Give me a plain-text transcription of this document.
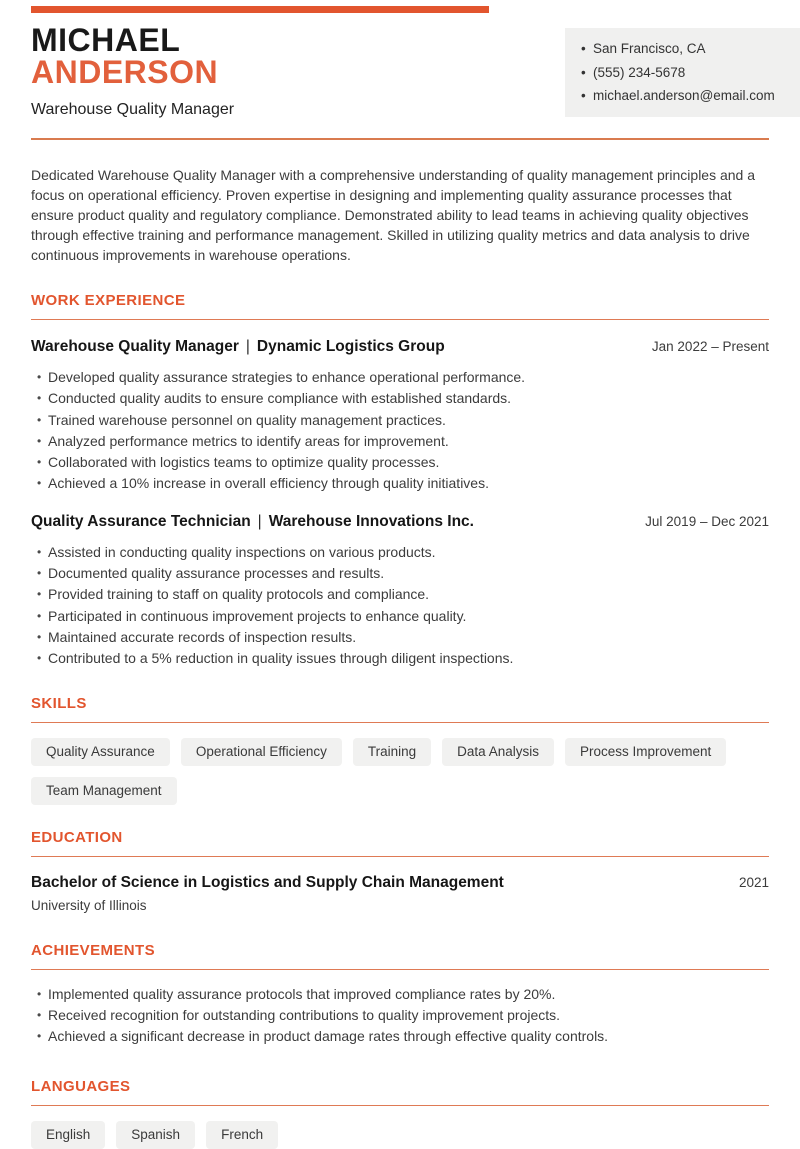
MICHAEL
ANDERSON
Warehouse Quality Manager
• San Francisco, CA
• (555) 234-5678
• michael.anderson@email.com

Dedicated Warehouse Quality Manager with a comprehensive understanding of quality management principles and a focus on operational efficiency. Proven expertise in designing and implementing quality assurance processes that ensure product quality and regulatory compliance. Demonstrated ability to lead teams in achieving quality objectives through effective training and performance management. Skilled in utilizing quality metrics and data analysis to drive continuous improvements in warehouse operations.

WORK EXPERIENCE
Warehouse Quality Manager | Dynamic Logistics Group	Jan 2022 – Present
• Developed quality assurance strategies to enhance operational performance.
• Conducted quality audits to ensure compliance with established standards.
• Trained warehouse personnel on quality management practices.
• Analyzed performance metrics to identify areas for improvement.
• Collaborated with logistics teams to optimize quality processes.
• Achieved a 10% increase in overall efficiency through quality initiatives.
Quality Assurance Technician | Warehouse Innovations Inc.	Jul 2019 – Dec 2021
• Assisted in conducting quality inspections on various products.
• Documented quality assurance processes and results.
• Provided training to staff on quality protocols and compliance.
• Participated in continuous improvement projects to enhance quality.
• Maintained accurate records of inspection results.
• Contributed to a 5% reduction in quality issues through diligent inspections.
SKILLS
Quality Assurance	Operational Efficiency	Training	Data Analysis	Process Improvement
Team Management
EDUCATION
Bachelor of Science in Logistics and Supply Chain Management	2021
University of Illinois
ACHIEVEMENTS
• Implemented quality assurance protocols that improved compliance rates by 20%.
• Received recognition for outstanding contributions to quality improvement projects.
• Achieved a significant decrease in product damage rates through effective quality controls.
LANGUAGES
English	Spanish	French
